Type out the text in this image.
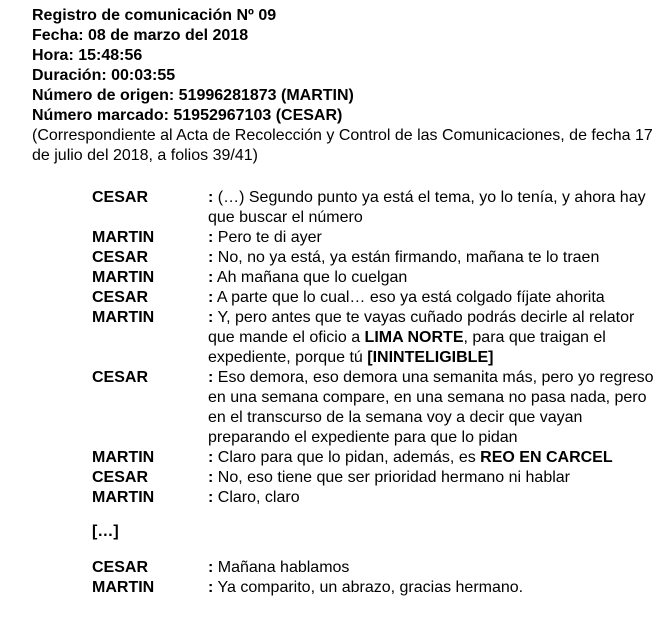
Registro de comunicación Nº 09
Fecha: 08 de marzo del 2018
Hora: 15:48:56
Duración: 00:03:55
Número de origen: 51996281873 (MARTIN)
Número marcado: 51952967103 (CESAR)
(Correspondiente al Acta de Recolección y Control de las Comunicaciones, de fecha 17 de julio del 2018, a folios 39/41)
CESAR	: (…) Segundo punto ya está el tema, yo lo tenía, y ahora hay que buscar el número
MARTIN	: Pero te di ayer
CESAR	: No, no ya está, ya están firmando, mañana te lo traen
MARTIN	: Ah mañana que lo cuelgan
CESAR	: A parte que lo cual… eso ya está colgado fíjate ahorita
MARTIN	: Y, pero antes que te vayas cuñado podrás decirle al relator que mande el oficio a LIMA NORTE, para que traigan el expediente, porque tú [ININTELIGIBLE]
CESAR	: Eso demora, eso demora una semanita más, pero yo regreso en una semana compare, en una semana no pasa nada, pero en el transcurso de la semana voy a decir que vayan preparando el expediente para que lo pidan
MARTIN	: Claro para que lo pidan, además, es REO EN CARCEL
CESAR	: No, eso tiene que ser prioridad hermano ni hablar
MARTIN	: Claro, claro
[…]
CESAR	: Mañana hablamos
MARTIN	: Ya comparito, un abrazo, gracias hermano.
